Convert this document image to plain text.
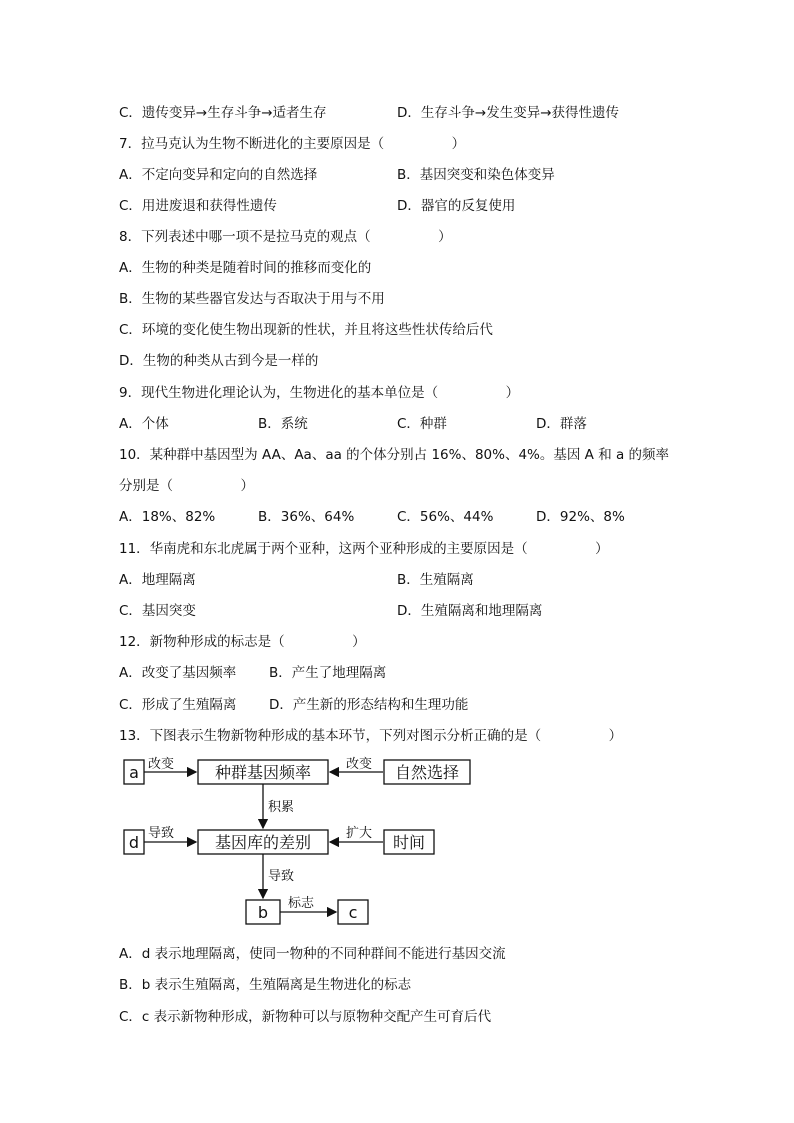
C．遗传变异→生存斗争→适者生存	D．生存斗争→发生变异→获得性遗传
7．拉马克认为生物不断进化的主要原因是（　　　　　）
A．不定向变异和定向的自然选择	B．基因突变和染色体变异
C．用进废退和获得性遗传	D．器官的反复使用
8．下列表述中哪一项不是拉马克的观点（　　　　　）
A．生物的种类是随着时间的推移而变化的
B．生物的某些器官发达与否取决于用与不用
C．环境的变化使生物出现新的性状，并且将这些性状传给后代
D．生物的种类从古到今是一样的
9．现代生物进化理论认为，生物进化的基本单位是（　　　　　）
A．个体	B．系统	C．种群	D．群落
10．某种群中基因型为 AA、Aa、aa 的个体分别占 16%、80%、4%。基因 A 和 a 的频率
分别是（　　　　　）
A．18%、82%	B．36%、64%	C．56%、44%	D．92%、8%
11．华南虎和东北虎属于两个亚种，这两个亚种形成的主要原因是（　　　　　）
A．地理隔离	B．生殖隔离
C．基因突变	D．生殖隔离和地理隔离
12．新物种形成的标志是（　　　　　）
A．改变了基因频率 B．产生了地理隔离
C．形成了生殖隔离 D．产生新的形态结构和生理功能
13．下图表示生物新物种形成的基本环节，下列对图示分析正确的是（　　　　　）
a 改变	种群基因频率	改变 自然选择
积累
d 导致	基因库的差别	扩大 时间
导致
b 标志 c
A．d 表示地理隔离，使同一物种的不同种群间不能进行基因交流
B．b 表示生殖隔离，生殖隔离是生物进化的标志
C．c 表示新物种形成，新物种可以与原物种交配产生可育后代
